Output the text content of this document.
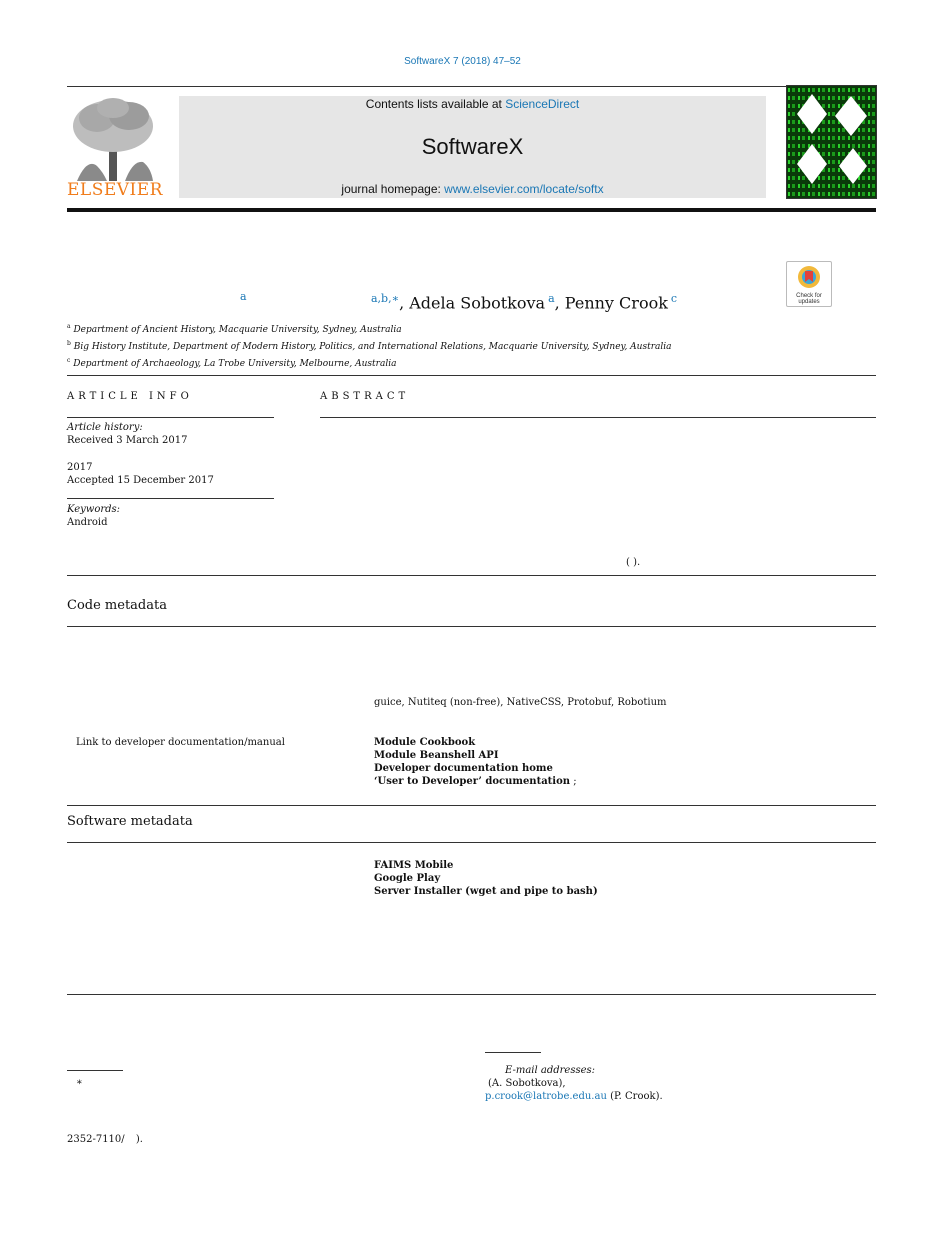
SoftwareX 7 (2018) 47–52
ELSEVIER
Contents lists available at ScienceDirect
SoftwareX
journal homepage: www.elsevier.com/locate/softx
Check for updates
a	$^{a,b,∗}$, Adela Sobotkova $^a$, Penny Crook $^c$
$^a$ Department of Ancient History, Macquarie University, Sydney, Australia
$^b$ Big History Institute, Department of Modern History, Politics, and International Relations, Macquarie University, Sydney, Australia
$^c$ Department of Archaeology, La Trobe University, Melbourne, Australia
ARTICLE INFO
Article history:
Received 3 March 2017
2017
Accepted 15 December 2017
Keywords:
Android
ABSTRACT
( ).
Code metadata
guice, Nutiteq (non-free), NativeCSS, Protobuf, Robotium
Link to developer documentation/manual	Module Cookbook
Module Beanshell API
Developer documentation home
‘User to Developer’ documentation ;
Software metadata
FAIMS Mobile
Google Play
Server Installer (wget and pipe to bash)
∗
E-mail addresses:
(A. Sobotkova),
p.crook@latrobe.edu.au (P. Crook).
2352-7110/ ).
